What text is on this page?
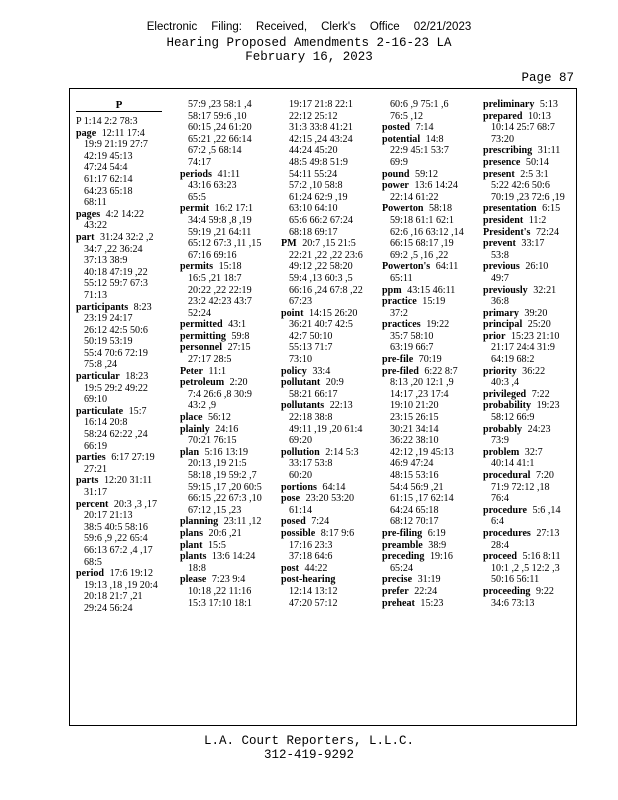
Electronic Filing: Received, Clerk's Office 02/21/2023
Hearing Proposed Amendments 2-16-23 LA
February 16, 2023
Page 87
P
P 1:14 2:2 78:3
page 12:11 17:4
19:9 21:19 27:7
42:19 45:13
47:24 54:4
61:17 62:14
64:23 65:18
68:11
pages 4:2 14:22
43:22
part 31:24 32:2 ,2
34:7 ,22 36:24
37:13 38:9
40:18 47:19 ,22
55:12 59:7 67:3
71:13
participants 8:23
23:19 24:17
26:12 42:5 50:6
50:19 53:19
55:4 70:6 72:19
75:8 ,24
particular 18:23
19:5 29:2 49:22
69:10
particulate 15:7
16:14 20:8
58:24 62:22 ,24
66:19
parties 6:17 27:19
27:21
parts 12:20 31:11
31:17
percent 20:3 ,3 ,17
20:17 21:13
38:5 40:5 58:16
59:6 ,9 ,22 65:4
66:13 67:2 ,4 ,17
68:5
period 17:6 19:12
19:13 ,18 ,19 20:4
20:18 21:7 ,21
29:24 56:24
57:9 ,23 58:1 ,4
58:17 59:6 ,10
60:15 ,24 61:20
65:21 ,22 66:14
67:2 ,5 68:14
74:17
periods 41:11
43:16 63:23
65:5
permit 16:2 17:1
34:4 59:8 ,8 ,19
59:19 ,21 64:11
65:12 67:3 ,11 ,15
67:16 69:16
permits 15:18
16:5 ,21 18:7
20:22 ,22 22:19
23:2 42:23 43:7
52:24
permitted 43:1
permitting 59:8
personnel 27:15
27:17 28:5
Peter 11:1
petroleum 2:20
7:4 26:6 ,8 30:9
43:2 ,9
place 56:12
plainly 24:16
70:21 76:15
plan 5:16 13:19
20:13 ,19 21:5
58:18 ,19 59:2 ,7
59:15 ,17 ,20 60:5
66:15 ,22 67:3 ,10
67:12 ,15 ,23
planning 23:11 ,12
plans 20:6 ,21
plant 15:5
plants 13:6 14:24
18:8
please 7:23 9:4
10:18 ,22 11:16
15:3 17:10 18:1
19:17 21:8 22:1
22:12 25:12
31:3 33:8 41:21
42:15 ,24 43:24
44:24 45:20
48:5 49:8 51:9
54:11 55:24
57:2 ,10 58:8
61:24 62:9 ,19
63:10 64:10
65:6 66:2 67:24
68:18 69:17
PM 20:7 ,15 21:5
22:21 ,22 ,22 23:6
49:12 ,22 58:20
59:4 ,13 60:3 ,5
66:16 ,24 67:8 ,22
67:23
point 14:15 26:20
36:21 40:7 42:5
42:7 50:10
55:13 71:7
73:10
policy 33:4
pollutant 20:9
58:21 66:17
pollutants 22:13
22:18 38:8
49:11 ,19 ,20 61:4
69:20
pollution 2:14 5:3
33:17 53:8
60:20
portions 64:14
pose 23:20 53:20
61:14
posed 7:24
possible 8:17 9:6
17:16 23:3
37:18 64:6
post 44:22
post-hearing
12:14 13:12
47:20 57:12
60:6 ,9 75:1 ,6
76:5 ,12
posted 7:14
potential 14:8
22:9 45:1 53:7
69:9
pound 59:12
power 13:6 14:24
22:14 61:22
Powerton 58:18
59:18 61:1 62:1
62:6 ,16 63:12 ,14
66:15 68:17 ,19
69:2 ,5 ,16 ,22
Powerton's 64:11
65:11
ppm 43:15 46:11
practice 15:19
37:2
practices 19:22
35:7 58:10
63:19 66:7
pre-file 70:19
pre-filed 6:22 8:7
8:13 ,20 12:1 ,9
14:17 ,23 17:4
19:10 21:20
23:15 26:15
30:21 34:14
36:22 38:10
42:12 ,19 45:13
46:9 47:24
48:15 53:16
54:4 56:9 ,21
61:15 ,17 62:14
64:24 65:18
68:12 70:17
pre-filing 6:19
preamble 38:9
preceding 19:16
65:24
precise 31:19
prefer 22:24
preheat 15:23
preliminary 5:13
prepared 10:13
10:14 25:7 68:7
73:20
prescribing 31:11
presence 50:14
present 2:5 3:1
5:22 42:6 50:6
70:19 ,23 72:6 ,19
presentation 6:15
president 11:2
President's 72:24
prevent 33:17
53:8
previous 26:10
49:7
previously 32:21
36:8
primary 39:20
principal 25:20
prior 15:23 21:10
21:17 24:4 31:9
64:19 68:2
priority 36:22
40:3 ,4
privileged 7:22
probability 19:23
58:12 66:9
probably 24:23
73:9
problem 32:7
40:14 41:1
procedural 7:20
71:9 72:12 ,18
76:4
procedure 5:6 ,14
6:4
procedures 27:13
28:4
proceed 5:16 8:11
10:1 ,2 ,5 12:2 ,3
50:16 56:11
proceeding 9:22
34:6 73:13
L.A. Court Reporters, L.L.C.
312-419-9292
